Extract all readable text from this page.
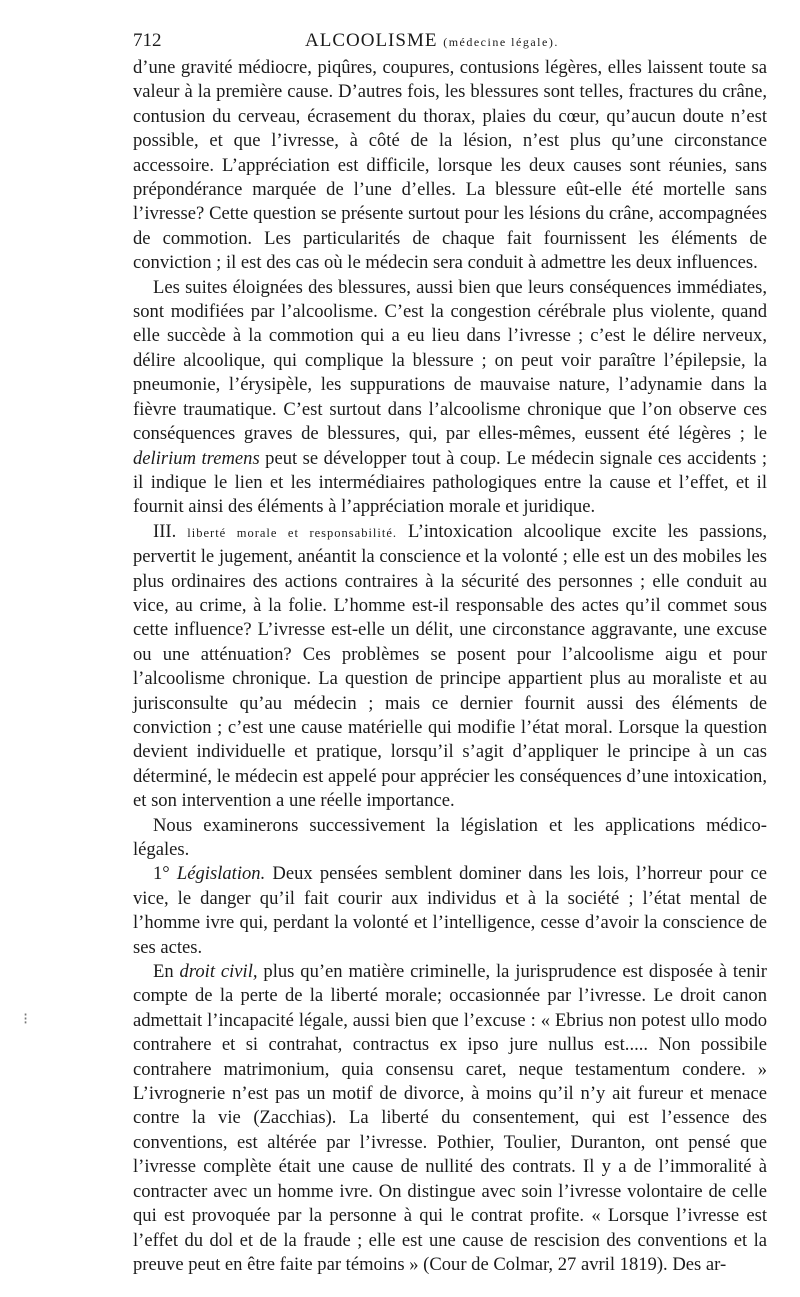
⁝
712	ALCOOLISME (médecine légale).

d’une gravité médiocre, piqûres, coupures, contusions légères, elles laissent toute sa valeur à la première cause. D’autres fois, les blessures sont telles, fractures du crâne, contusion du cerveau, écrasement du thorax, plaies du cœur, qu’aucun doute n’est possible, et que l’ivresse, à côté de la lésion, n’est plus qu’une circonstance accessoire. L’appréciation est difficile, lorsque les deux causes sont réunies, sans prépondérance marquée de l’une d’elles. La blessure eût-elle été mortelle sans l’ivresse? Cette question se présente surtout pour les lésions du crâne, accompagnées de commotion. Les particularités de chaque fait fournissent les éléments de conviction ; il est des cas où le médecin sera conduit à admettre les deux influences.

Les suites éloignées des blessures, aussi bien que leurs conséquences immédiates, sont modifiées par l’alcoolisme. C’est la congestion cérébrale plus violente, quand elle succède à la commotion qui a eu lieu dans l’ivresse ; c’est le délire nerveux, délire alcoolique, qui complique la blessure ; on peut voir paraître l’épilepsie, la pneumonie, l’érysipèle, les suppurations de mauvaise nature, l’adynamie dans la fièvre traumatique. C’est surtout dans l’alcoolisme chronique que l’on observe ces conséquences graves de blessures, qui, par elles-mêmes, eussent été légères ; le delirium tremens peut se développer tout à coup. Le médecin signale ces accidents ; il indique le lien et les intermédiaires pathologiques entre la cause et l’effet, et il fournit ainsi des éléments à l’appréciation morale et juridique.

III. liberté morale et responsabilité. L’intoxication alcoolique excite les passions, pervertit le jugement, anéantit la conscience et la volonté ; elle est un des mobiles les plus ordinaires des actions contraires à la sécurité des personnes ; elle conduit au vice, au crime, à la folie. L’homme est-il responsable des actes qu’il commet sous cette influence? L’ivresse est-elle un délit, une circonstance aggravante, une excuse ou une atténuation? Ces problèmes se posent pour l’alcoolisme aigu et pour l’alcoolisme chronique. La question de principe appartient plus au moraliste et au jurisconsulte qu’au médecin ; mais ce dernier fournit aussi des éléments de conviction ; c’est une cause matérielle qui modifie l’état moral. Lorsque la question devient individuelle et pratique, lorsqu’il s’agit d’appliquer le principe à un cas déterminé, le médecin est appelé pour apprécier les conséquences d’une intoxication, et son intervention a une réelle importance.

Nous examinerons successivement la législation et les applications médico-légales.

1° Législation. Deux pensées semblent dominer dans les lois, l’horreur pour ce vice, le danger qu’il fait courir aux individus et à la société ; l’état mental de l’homme ivre qui, perdant la volonté et l’intelligence, cesse d’avoir la conscience de ses actes.

En droit civil, plus qu’en matière criminelle, la jurisprudence est disposée à tenir compte de la perte de la liberté morale; occasionnée par l’ivresse. Le droit canon admettait l’incapacité légale, aussi bien que l’excuse : « Ebrius non potest ullo modo contrahere et si contrahat, contractus ex ipso jure nullus est..... Non possibile contrahere matrimonium, quia consensu caret, neque testamentum condere. » L’ivrognerie n’est pas un motif de divorce, à moins qu’il n’y ait fureur et menace contre la vie (Zacchias). La liberté du consentement, qui est l’essence des conventions, est altérée par l’ivresse. Pothier, Toulier, Duranton, ont pensé que l’ivresse complète était une cause de nullité des contrats. Il y a de l’immoralité à contracter avec un homme ivre. On distingue avec soin l’ivresse volontaire de celle qui est provoquée par la personne à qui le contrat profite. « Lorsque l’ivresse est l’effet du dol et de la fraude ; elle est une cause de rescision des conventions et la preuve peut en être faite par témoins » (Cour de Colmar, 27 avril 1819). Des ar-
